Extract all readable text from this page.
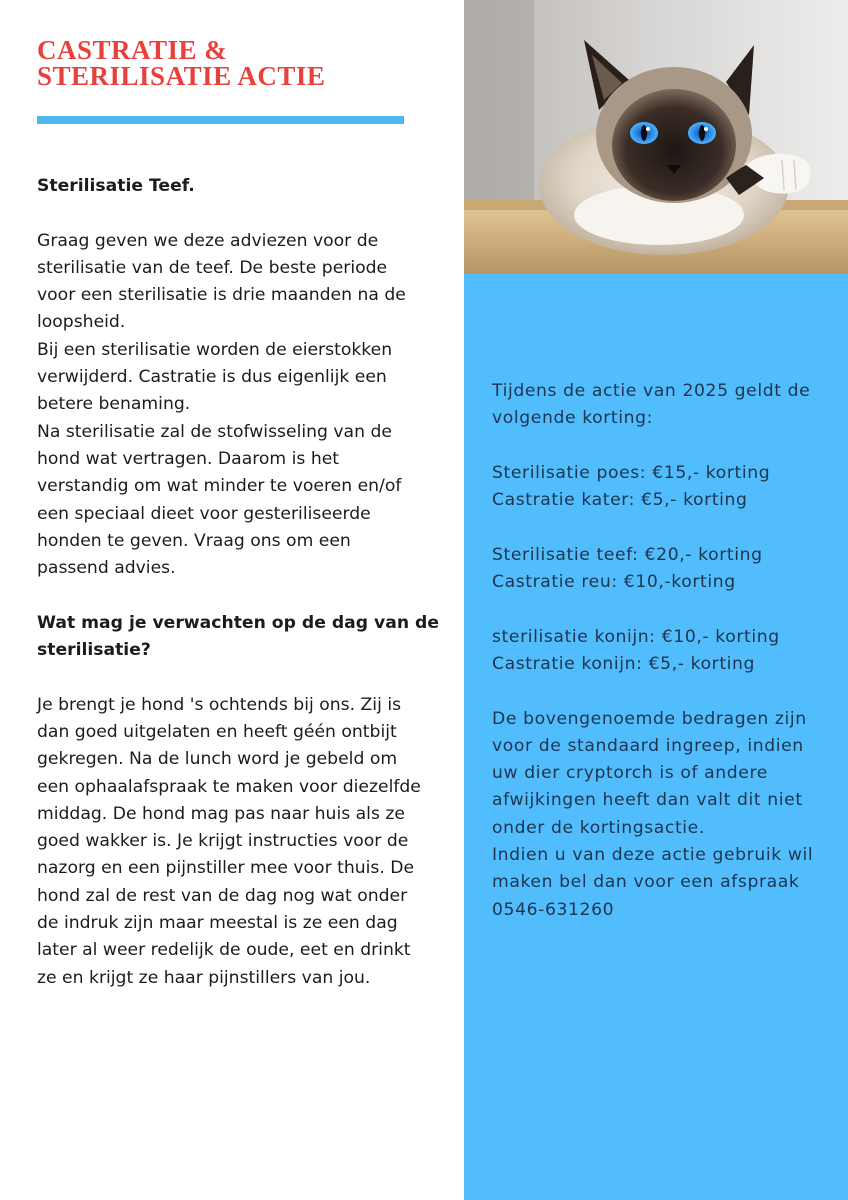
CASTRATIE &
STERILISATIE ACTIE

Sterilisatie Teef.

Graag geven we deze adviezen voor de

sterilisatie van de teef. De beste periode

voor een sterilisatie is drie maanden na de

loopsheid.

Bij een sterilisatie worden de eierstokken

verwijderd. Castratie is dus eigenlijk een

betere benaming.

Na sterilisatie zal de stofwisseling van de

hond wat vertragen. Daarom is het

verstandig om wat minder te voeren en/of

een speciaal dieet voor gesteriliseerde

honden te geven. Vraag ons om een

passend advies.

Wat mag je verwachten op de dag van de

sterilisatie?

Je brengt je hond 's ochtends bij ons. Zij is

dan goed uitgelaten en heeft géén ontbijt

gekregen. Na de lunch word je gebeld om

een ophaalafspraak te maken voor diezelfde

middag. De hond mag pas naar huis als ze

goed wakker is. Je krijgt instructies voor de

nazorg en een pijnstiller mee voor thuis. De

hond zal de rest van de dag nog wat onder

de indruk zijn maar meestal is ze een dag

later al weer redelijk de oude, eet en drinkt

ze en krijgt ze haar pijnstillers van jou.

Tijdens de actie van 2025 geldt de

volgende korting:

Sterilisatie poes: €15,- korting

Castratie kater: €5,- korting

Sterilisatie teef: €20,- korting

Castratie reu: €10,-korting

sterilisatie konijn: €10,- korting

Castratie konijn: €5,- korting

De bovengenoemde bedragen zijn

voor de standaard ingreep, indien

uw dier cryptorch is of andere

afwijkingen heeft dan valt dit niet

onder de kortingsactie.

Indien u van deze actie gebruik wil

maken bel dan voor een afspraak

0546-631260
